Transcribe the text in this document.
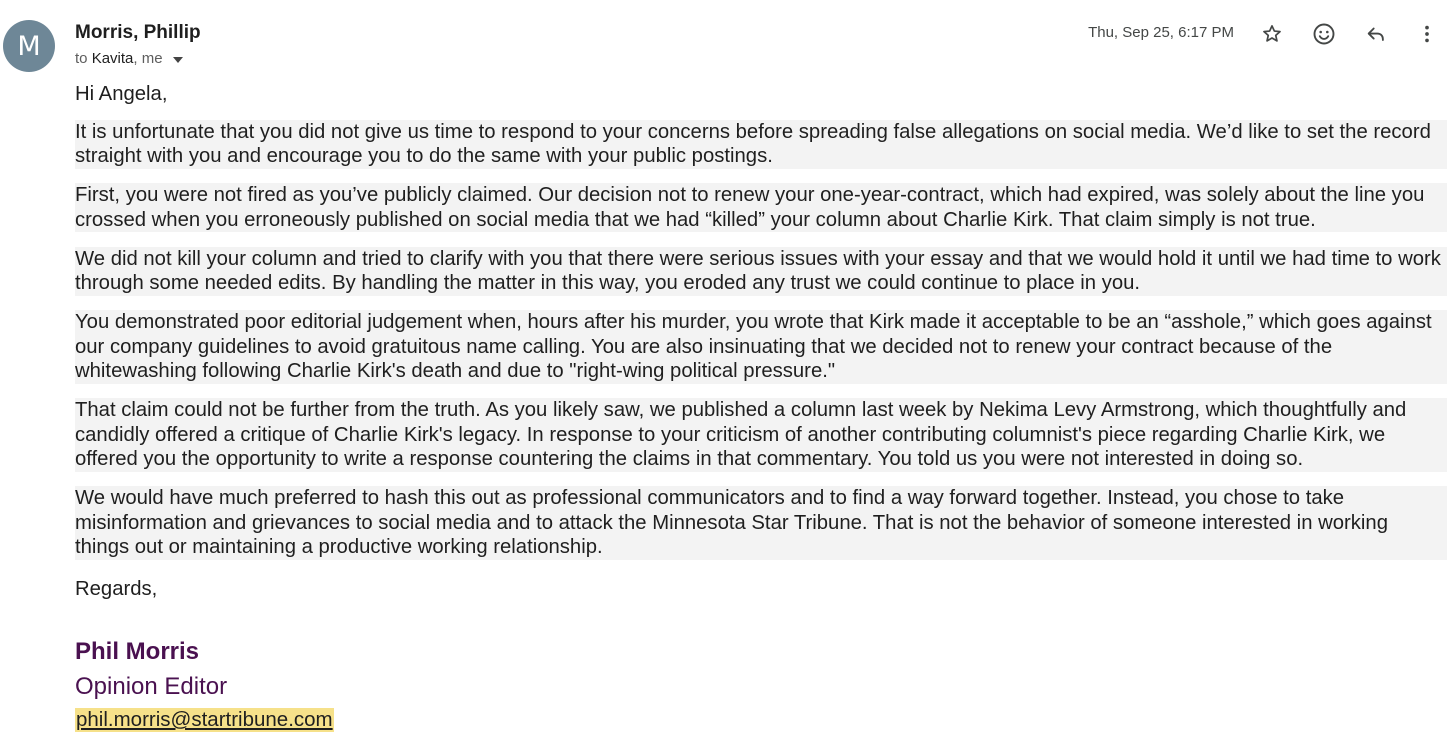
M	Morris, Phillip
to
Kavita , me
Thu, Sep 25, 6:17 PM

Hi Angela,

It is unfortunate that you did not give us time to respond to your concerns before spreading false allegations on social media. We’d like to set the record straight with you and encourage you to do the same with your public postings.

First, you were not fired as you’ve publicly claimed. Our decision not to renew your one-year-contract, which had expired, was solely about the line you crossed when you erroneously published on social media that we had “killed” your column about Charlie Kirk. That claim simply is not true.

We did not kill your column and tried to clarify with you that there were serious issues with your essay and that we would hold it until we had time to work through some needed edits. By handling the matter in this way, you eroded any trust we could continue to place in you.

You demonstrated poor editorial judgement when, hours after his murder, you wrote that Kirk made it acceptable to be an “asshole,” which goes against our company guidelines to avoid gratuitous name calling. You are also insinuating that we decided not to renew your contract because of the whitewashing following Charlie Kirk's death and due to "right-wing political pressure."

That claim could not be further from the truth. As you likely saw, we published a column last week by Nekima Levy Armstrong, which thoughtfully and candidly offered a critique of Charlie Kirk's legacy. In response to your criticism of another contributing columnist's piece regarding Charlie Kirk, we offered you the opportunity to write a response countering the claims in that commentary. You told us you were not interested in doing so.

We would have much preferred to hash this out as professional communicators and to find a way forward together. Instead, you chose to take misinformation and grievances to social media and to attack the Minnesota Star Tribune. That is not the behavior of someone interested in working things out or maintaining a productive working relationship.

Regards,

Phil Morris
Opinion Editor
phil.morris@startribune.com
